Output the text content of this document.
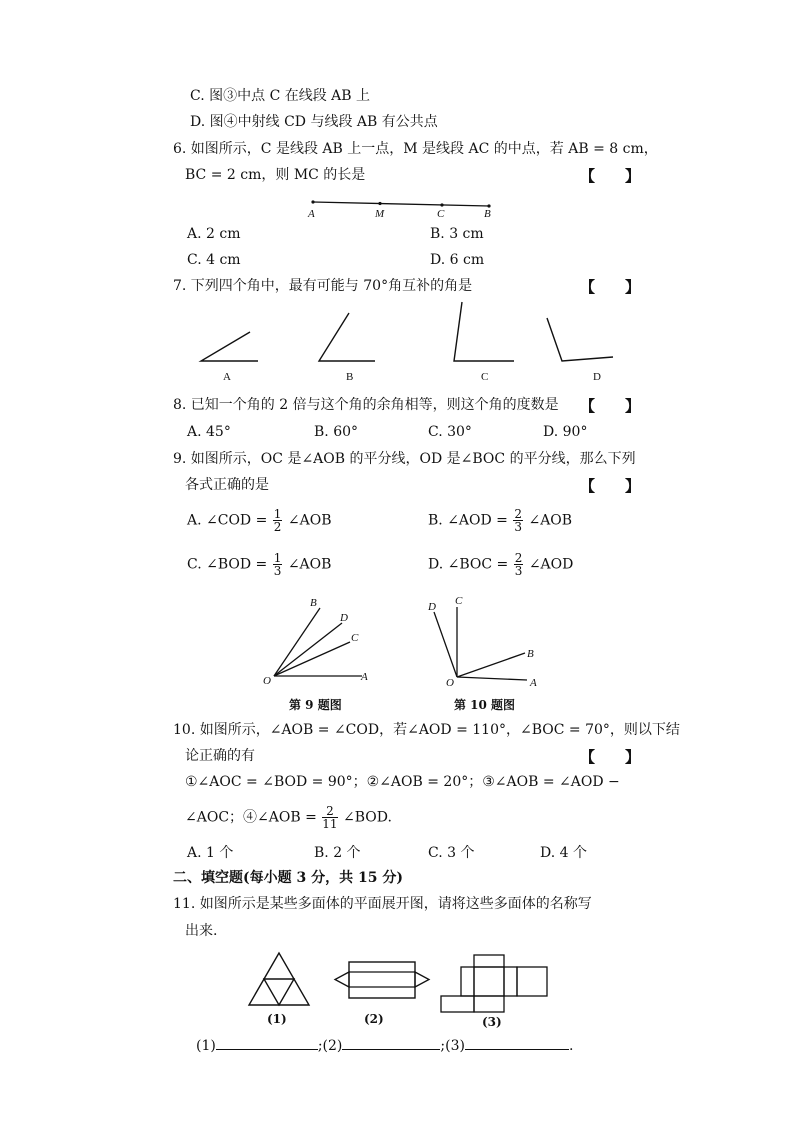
C. 图③中点 C 在线段 AB 上
D. 图④中射线 CD 与线段 AB 有公共点
6. 如图所示，C 是线段 AB 上一点，M 是线段 AC 的中点，若 AB = 8 cm，
BC = 2 cm，则 MC 的长是	【　　】
A	M	C	B
A. 2 cm	B. 3 cm
C. 4 cm	D. 6 cm
7. 下列四个角中，最有可能与 70°角互补的角是	【　　】
A	B	C	D
8. 已知一个角的 2 倍与这个角的余角相等，则这个角的度数是 【　　】
A. 45°	B. 60°	C. 30°	D. 90°
9. 如图所示，OC 是∠AOB 的平分线，OD 是∠BOC 的平分线，那么下列
各式正确的是	【　　】
A. ∠COD = $\frac{1}{2}$ ∠AOB	B. ∠AOD = $\frac{2}{3}$ ∠AOB
C. ∠BOD = $\frac{1}{3}$ ∠AOB	D. ∠BOC = $\frac{2}{3}$ ∠AOD
B
D
C
O	A
D C
B
O	A
第 9 题图	第 10 题图
10. 如图所示，∠AOB = ∠COD，若∠AOD = 110°，∠BOC = 70°，则以下结
论正确的有	【　　】
①∠AOC = ∠BOD = 90°；②∠AOB = 20°；③∠AOB = ∠AOD −
∠AOC；④∠AOB = $\frac{2}{11}$ ∠BOD.
A. 1 个	B. 2 个	C. 3 个	D. 4 个
二、填空题(每小题 3 分，共 15 分)
11. 如图所示是某些多面体的平面展开图，请将这些多面体的名称写
出来.
(1)	(2)	(3)
(1)	;(2)	;(3)	.
